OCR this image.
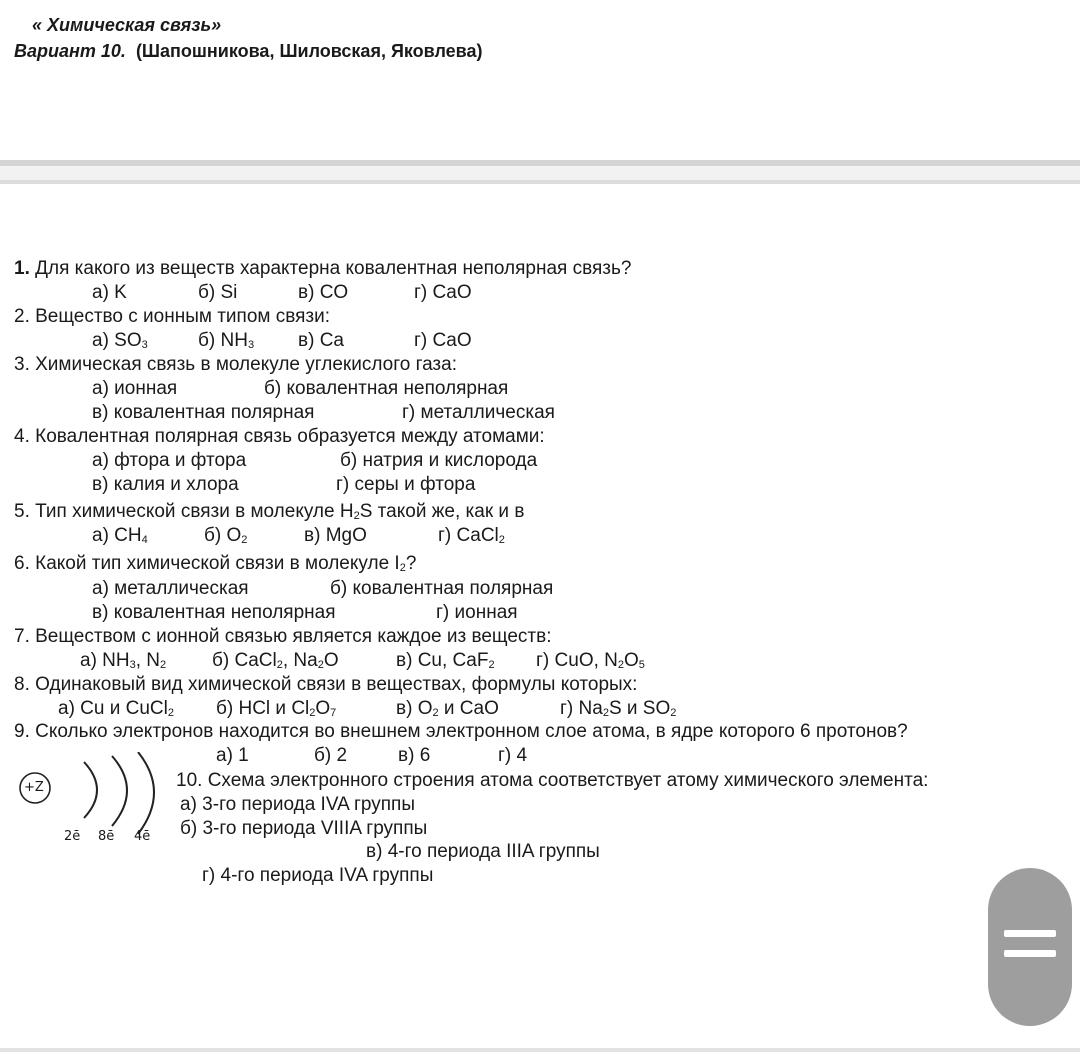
« Химическая связь»
Вариант 10. (Шапошникова, Шиловская, Яковлева)
1. Для какого из веществ характерна ковалентная неполярная связь?
а) K	б) Si	в) CO	г) CaO
2. Вещество с ионным типом связи:
а) $SO_3$	б) $NH_3$ в) Ca	г) CaO
3. Химическая связь в молекуле углекислого газа:
а) ионная	б) ковалентная неполярная
в) ковалентная полярная	г) металлическая
4. Ковалентная полярная связь образуется между атомами:
а) фтора и фтора	б) натрия и кислорода
в) калия и хлора	г) серы и фтора
5. Тип химической связи в молекуле $H_2S$ такой же, как и в
а) $CH_4$	б) $O_2$	в) MgO	г) CaCl$_2$
6. Какой тип химической связи в молекуле $I_2$?
а) металлическая	б) ковалентная полярная
в) ковалентная неполярная	г) ионная
7. Веществом с ионной связью является каждое из веществ:
а) $NH_3$, $N_2$ б) CaCl$_2$, $Na_2O$	в) Cu, CaF$_2$ г) CuO, $N_2O_5$
8. Одинаковый вид химической связи в веществах, формулы которых:
а) Cu и CuCl$_2$ б) HCl и $Cl_2O_7$	в) $O_2$ и CaO	г) $Na_2S$ и $SO_2$
9. Сколько электронов находится во внешнем электронном слое атома, в ядре которого 6 протонов?
а) 1	б) 2	в) 6	г) 4
+Z
2ē 8ē 4ē
10. Схема электронного строения атома соответствует атому химического элемента:
а) 3-го периода IVA группы
б) 3-го периода VIIIA группы
в) 4-го периода IIIA группы
г) 4-го периода IVA группы
